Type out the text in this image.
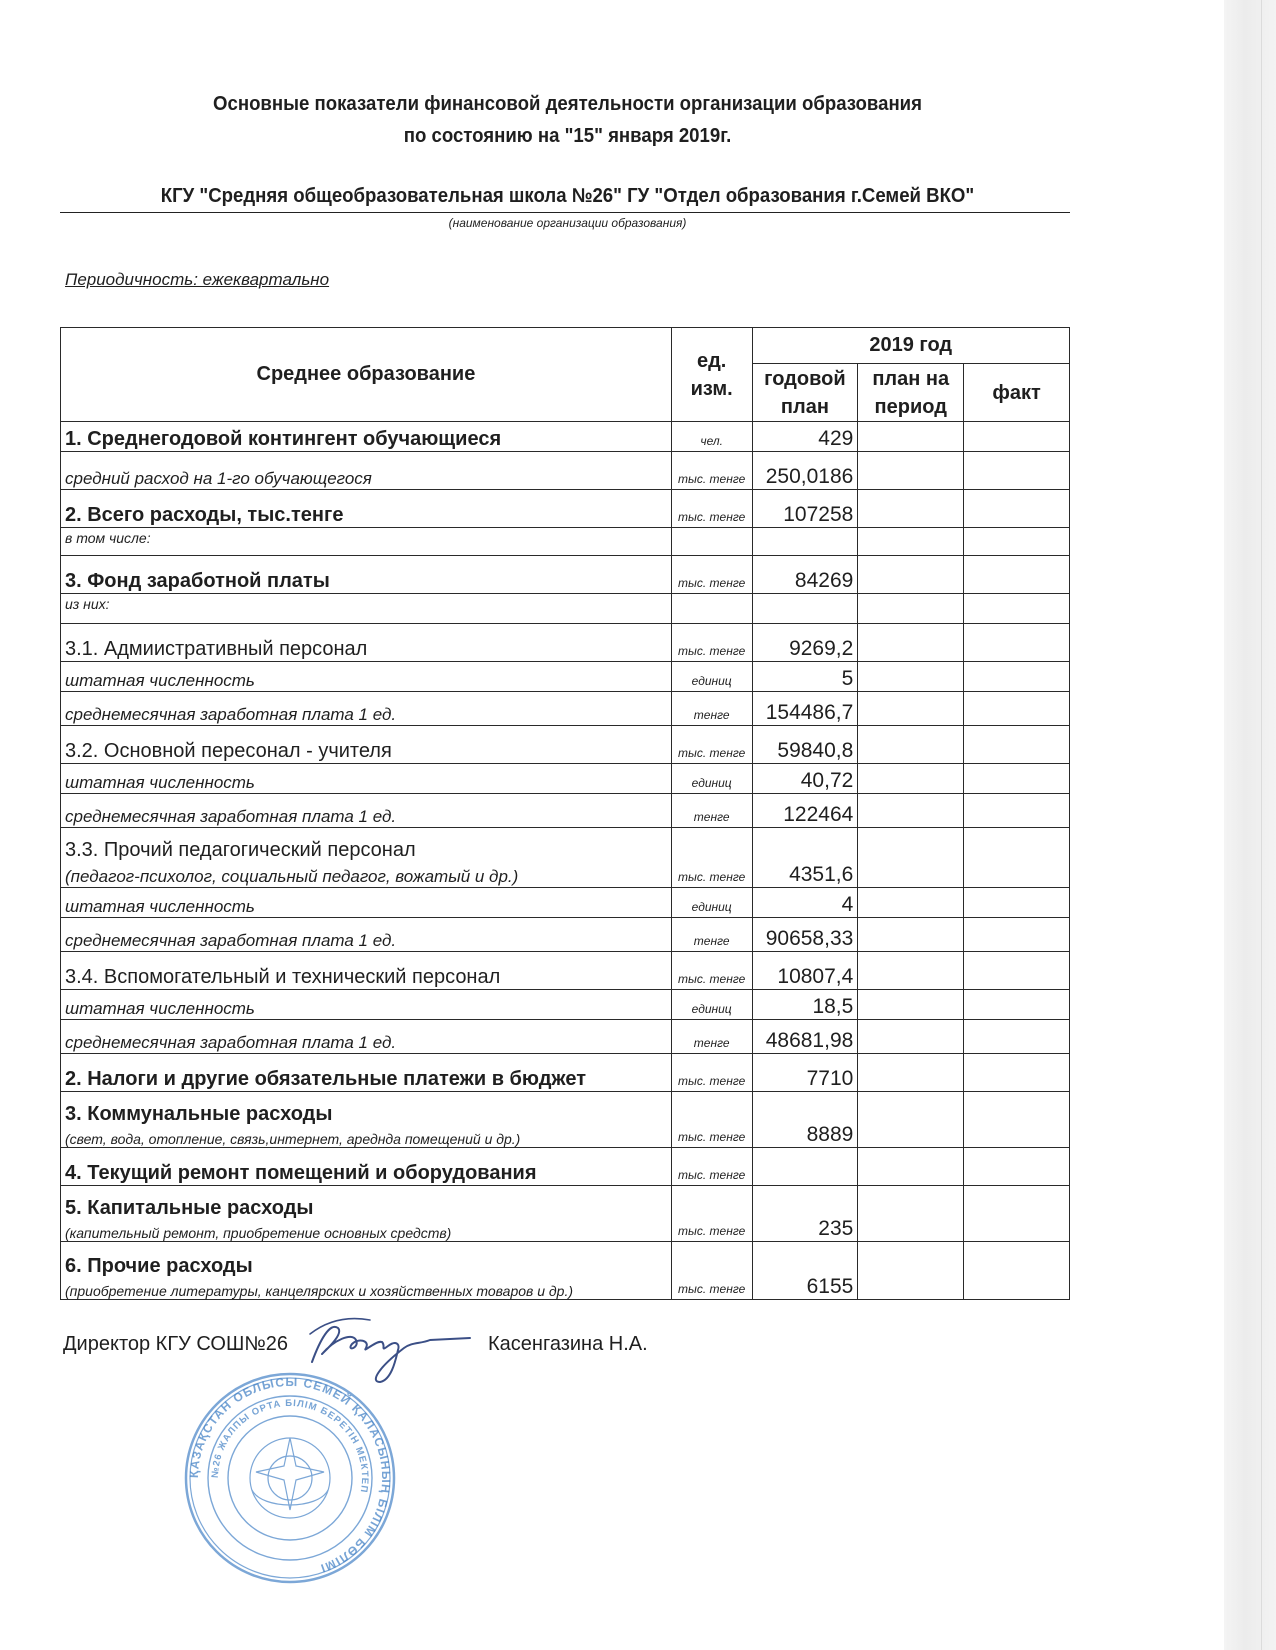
Основные показатели финансовой деятельности организации образования
по состоянию на "15" января 2019г.
КГУ "Средняя общеобразовательная школа №26" ГУ "Отдел образования г.Семей ВКО"
(наименование организации образования)
Периодичность: ежеквартально
Среднее образование	ед. изм.	2019 год		
		годовой план	план на период	факт
1. Среднегодовой контингент обучающиеся	чел.	429		
средний расход на 1-го обучающегося	тыс. тенге	250,0186		
2. Всего расходы, тыс.тенге	тыс. тенге	107258		
в том числе:				
3. Фонд заработной платы	тыс. тенге	84269		
из них:				
3.1. Адмиистративный персонал	тыс. тенге	9269,2		
штатная численность	единиц	5		
среднемесячная заработная плата 1 ед.	тенге	154486,7		
3.2. Основной пересонал - учителя	тыс. тенге	59840,8		
штатная численность	единиц	40,72		
среднемесячная заработная плата 1 ед.	тенге	122464		
3.3. Прочий педагогический персонал
(педагог-психолог, социальный педагог, вожатый и др.)	тыс. тенге	4351,6		
штатная численность	единиц	4		
среднемесячная заработная плата 1 ед.	тенге	90658,33		
3.4. Вспомогательный и технический персонал	тыс. тенге	10807,4		
штатная численность	единиц	18,5		
среднемесячная заработная плата 1 ед.	тенге	48681,98		
2. Налоги и другие обязательные платежи в бюджет	тыс. тенге	7710		
3. Коммунальные расходы
(свет, вода, отопление, связь,интернет, ареднда помещений и др.)	тыс. тенге	8889		
4. Текущий ремонт помещений и оборудования	тыс. тенге			
5. Капитальные расходы
(капительный ремонт, приобретение основных средств)	тыс. тенге	235		
6. Прочие расходы
(приобретение литературы, канцелярских и хозяйственных товаров и др.)	тыс. тенге	6155		
Директор КГУ СОШ№26	Касенгазина Н.А.
ҚАЗАҚСТАН ОБЛЫСЫ СЕМЕЙ ҚАЛАСЫНЫҢ БІЛІМ БӨЛІМІ
№26 ЖАЛПЫ ОРТА БІЛІМ БЕРЕТІН МЕКТЕП
